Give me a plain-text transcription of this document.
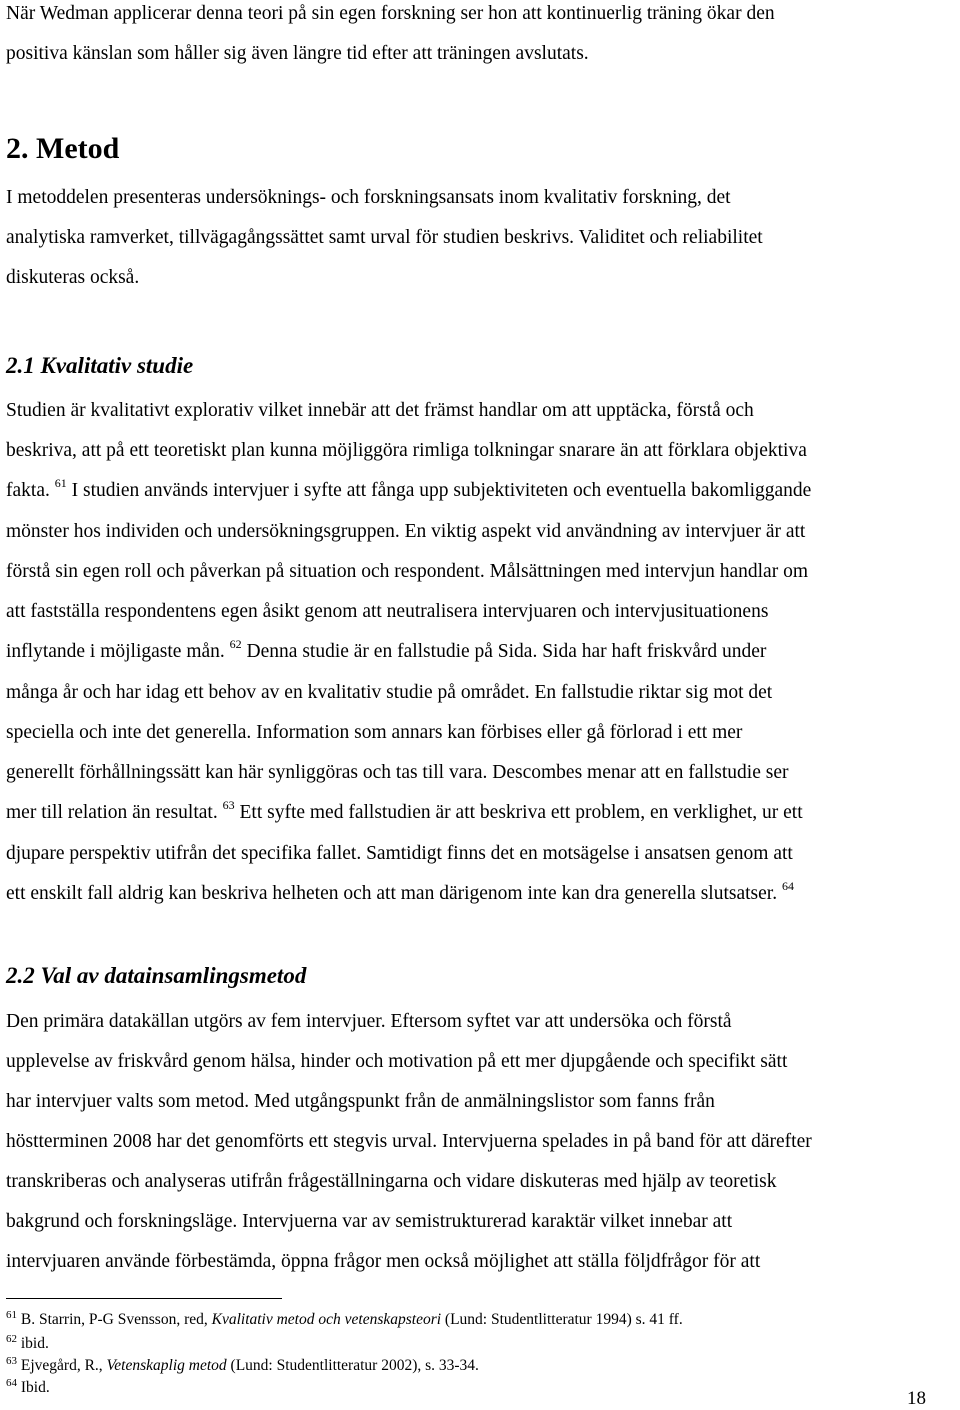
När Wedman applicerar denna teori på sin egen forskning ser hon att kontinuerlig träning ökar den
positiva känslan som håller sig även längre tid efter att träningen avslutats.
2. Metod
I metoddelen presenteras undersöknings- och forskningsansats inom kvalitativ forskning, det
analytiska ramverket, tillvägagångssättet samt urval för studien beskrivs. Validitet och reliabilitet
diskuteras också.
2.1 Kvalitativ studie
Studien är kvalitativt explorativ vilket innebär att det främst handlar om att upptäcka, förstå och
beskriva, att på ett teoretiskt plan kunna möjliggöra rimliga tolkningar snarare än att förklara objektiva
fakta. $^{61}$ I studien används intervjuer i syfte att fånga upp subjektiviteten och eventuella bakomliggande
mönster hos individen och undersökningsgruppen. En viktig aspekt vid användning av intervjuer är att
förstå sin egen roll och påverkan på situation och respondent. Målsättningen med intervjun handlar om
att fastställa respondentens egen åsikt genom att neutralisera intervjuaren och intervjusituationens
inflytande i möjligaste mån. $^{62}$ Denna studie är en fallstudie på Sida. Sida har haft friskvård under
många år och har idag ett behov av en kvalitativ studie på området. En fallstudie riktar sig mot det
speciella och inte det generella. Information som annars kan förbises eller gå förlorad i ett mer
generellt förhållningssätt kan här synliggöras och tas till vara. Descombes menar att en fallstudie ser
mer till relation än resultat. $^{63}$ Ett syfte med fallstudien är att beskriva ett problem, en verklighet, ur ett
djupare perspektiv utifrån det specifika fallet. Samtidigt finns det en motsägelse i ansatsen genom att
ett enskilt fall aldrig kan beskriva helheten och att man därigenom inte kan dra generella slutsatser. $^{64}$
2.2 Val av datainsamlingsmetod
Den primära datakällan utgörs av fem intervjuer. Eftersom syftet var att undersöka och förstå
upplevelse av friskvård genom hälsa, hinder och motivation på ett mer djupgående och specifikt sätt
har intervjuer valts som metod. Med utgångspunkt från de anmälningslistor som fanns från
höstterminen 2008 har det genomförts ett stegvis urval. Intervjuerna spelades in på band för att därefter
transkriberas och analyseras utifrån frågeställningarna och vidare diskuteras med hjälp av teoretisk
bakgrund och forskningsläge. Intervjuerna var av semistrukturerad karaktär vilket innebar att
intervjuaren använde förbestämda, öppna frågor men också möjlighet att ställa följdfrågor för att
$^{61}$ B. Starrin, P-G Svensson, red, Kvalitativ metod och vetenskapsteori (Lund: Studentlitteratur 1994) s. 41 ff.
$^{62}$ ibid.
$^{63}$ Ejvegård, R., Vetenskaplig metod (Lund: Studentlitteratur 2002), s. 33-34.
$^{64}$ Ibid.
18
